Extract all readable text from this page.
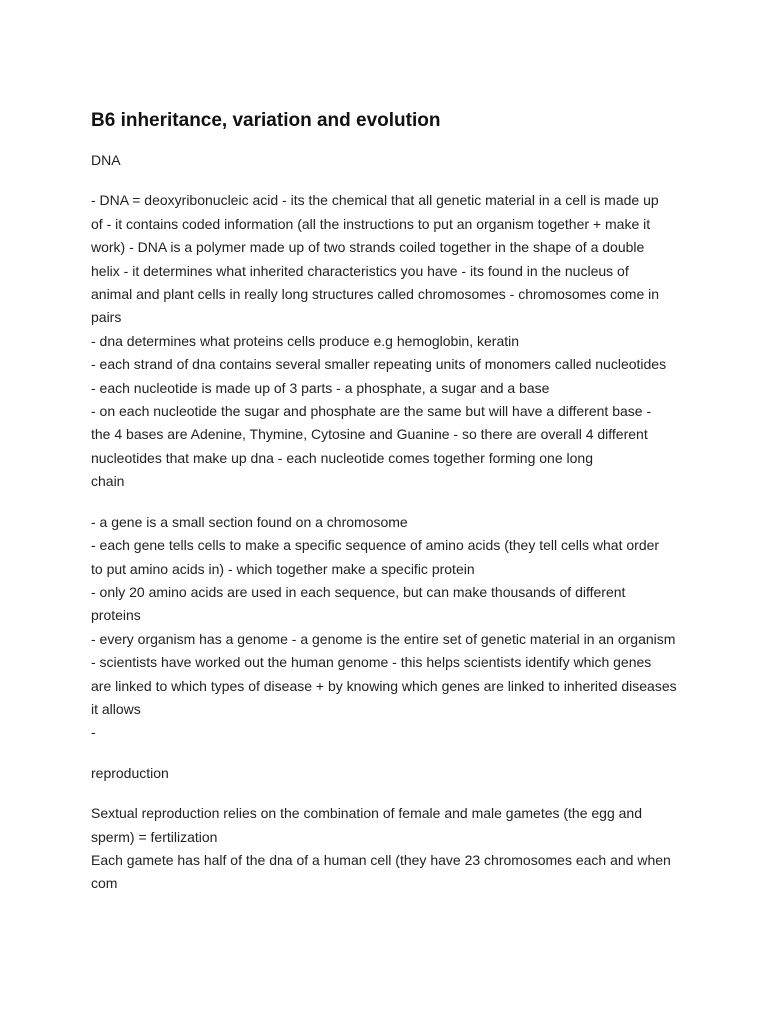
B6 inheritance, variation and evolution

DNA

- DNA = deoxyribonucleic acid - its the chemical that all genetic material in a cell is made up
of - it contains coded information (all the instructions to put an organism together + make it
work) - DNA is a polymer made up of two strands coiled together in the shape of a double
helix - it determines what inherited characteristics you have - its found in the nucleus of
animal and plant cells in really long structures called chromosomes - chromosomes come in
pairs
- dna determines what proteins cells produce e.g hemoglobin, keratin
- each strand of dna contains several smaller repeating units of monomers called nucleotides
- each nucleotide is made up of 3 parts - a phosphate, a sugar and a base
- on each nucleotide the sugar and phosphate are the same but will have a different base -
the 4 bases are Adenine, Thymine, Cytosine and Guanine - so there are overall 4 different
nucleotides that make up dna - each nucleotide comes together forming one long
chain
- a gene is a small section found on a chromosome
- each gene tells cells to make a specific sequence of amino acids (they tell cells what order
to put amino acids in) - which together make a specific protein
- only 20 amino acids are used in each sequence, but can make thousands of different
proteins
- every organism has a genome - a genome is the entire set of genetic material in an organism
- scientists have worked out the human genome - this helps scientists identify which genes
are linked to which types of disease + by knowing which genes are linked to inherited diseases
it allows
-

reproduction

Sextual reproduction relies on the combination of female and male gametes (the egg and
sperm) = fertilization
Each gamete has half of the dna of a human cell (they have 23 chromosomes each and when
com
